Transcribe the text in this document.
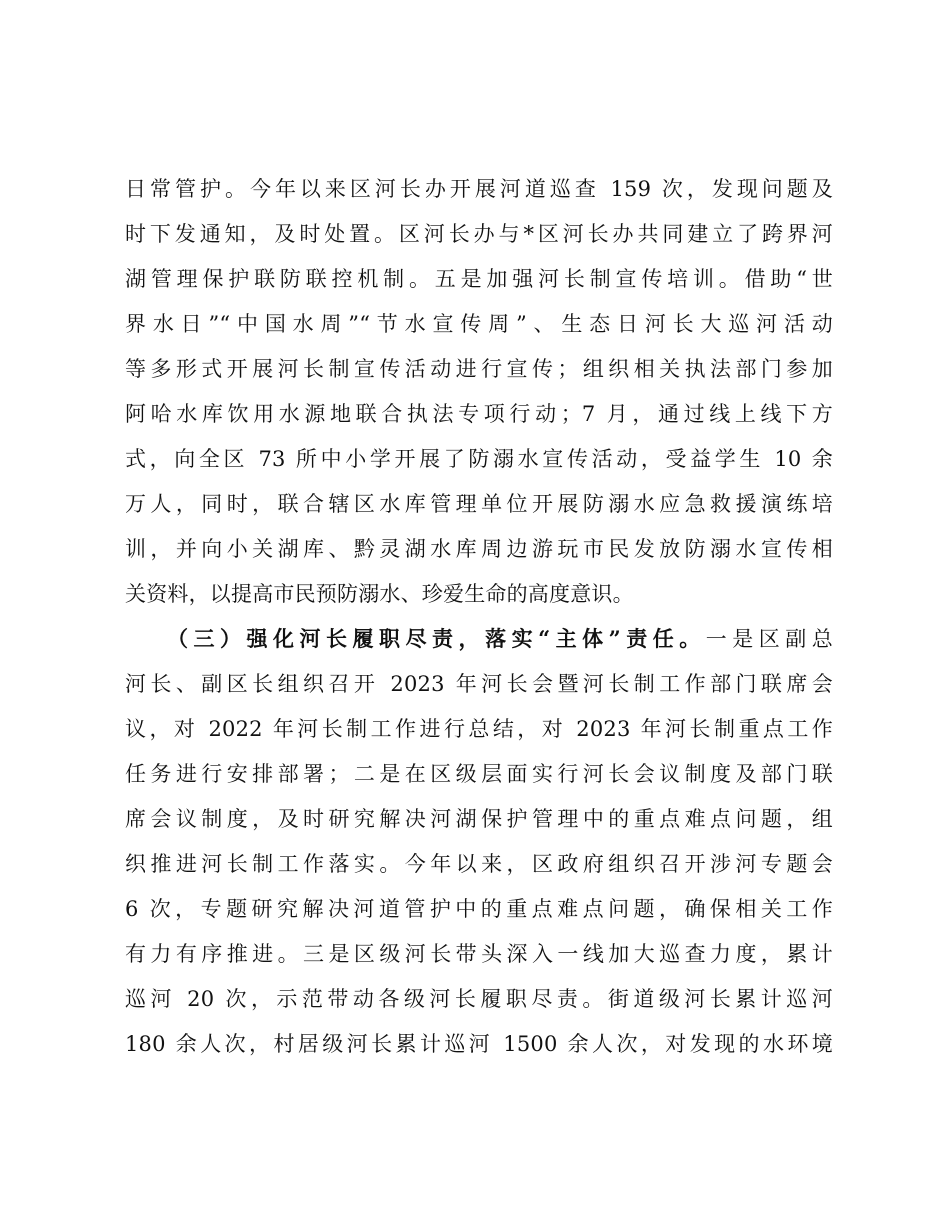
日常管护。今年以来区河长办开展河道巡查 159 次，发现问题及
时下发通知，及时处置。区河长办与*区河长办共同建立了跨界河
湖管理保护联防联控机制。五是加强河长制宣传培训。借助“世
界水日”“中国水周”“节水宣传周”、生态日河长大巡河活动
等多形式开展河长制宣传活动进行宣传；组织相关执法部门参加
阿哈水库饮用水源地联合执法专项行动；7 月，通过线上线下方
式，向全区 73 所中小学开展了防溺水宣传活动，受益学生 10 余
万人，同时，联合辖区水库管理单位开展防溺水应急救援演练培
训，并向小关湖库、黔灵湖水库周边游玩市民发放防溺水宣传相
关资料，以提高市民预防溺水、珍爱生命的高度意识。
（三）强化河长履职尽责，落实“主体”责任。一是区副总
河长、副区长组织召开 2023 年河长会暨河长制工作部门联席会
议，对 2022 年河长制工作进行总结，对 2023 年河长制重点工作
任务进行安排部署；二是在区级层面实行河长会议制度及部门联
席会议制度，及时研究解决河湖保护管理中的重点难点问题，组
织推进河长制工作落实。今年以来，区政府组织召开涉河专题会
6 次，专题研究解决河道管护中的重点难点问题，确保相关工作
有力有序推进。三是区级河长带头深入一线加大巡查力度，累计
巡河 20 次，示范带动各级河长履职尽责。街道级河长累计巡河
180 余人次，村居级河长累计巡河 1500 余人次，对发现的水环境
